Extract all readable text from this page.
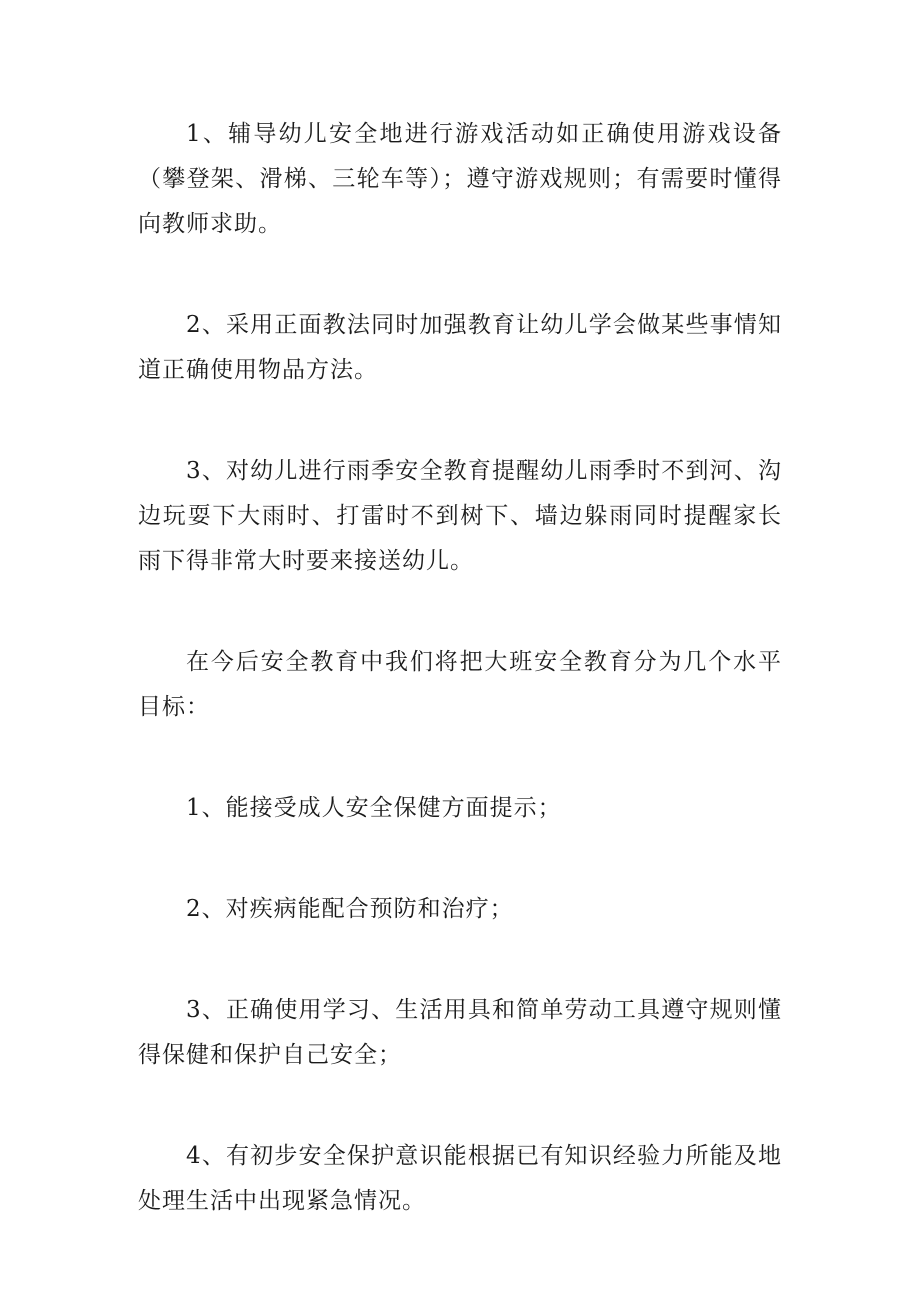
1、辅导幼儿安全地进行游戏活动如正确使用游戏设备（攀登架、滑梯、三轮车等）；遵守游戏规则；有需要时懂得向教师求助。

2、采用正面教法同时加强教育让幼儿学会做某些事情知道正确使用物品方法。

3、对幼儿进行雨季安全教育提醒幼儿雨季时不到河、沟边玩耍下大雨时、打雷时不到树下、墙边躲雨同时提醒家长雨下得非常大时要来接送幼儿。

在今后安全教育中我们将把大班安全教育分为几个水平目标：

1、能接受成人安全保健方面提示；

2、对疾病能配合预防和治疗；

3、正确使用学习、生活用具和简单劳动工具遵守规则懂得保健和保护自己安全；

4、有初步安全保护意识能根据已有知识经验力所能及地处理生活中出现紧急情况。
